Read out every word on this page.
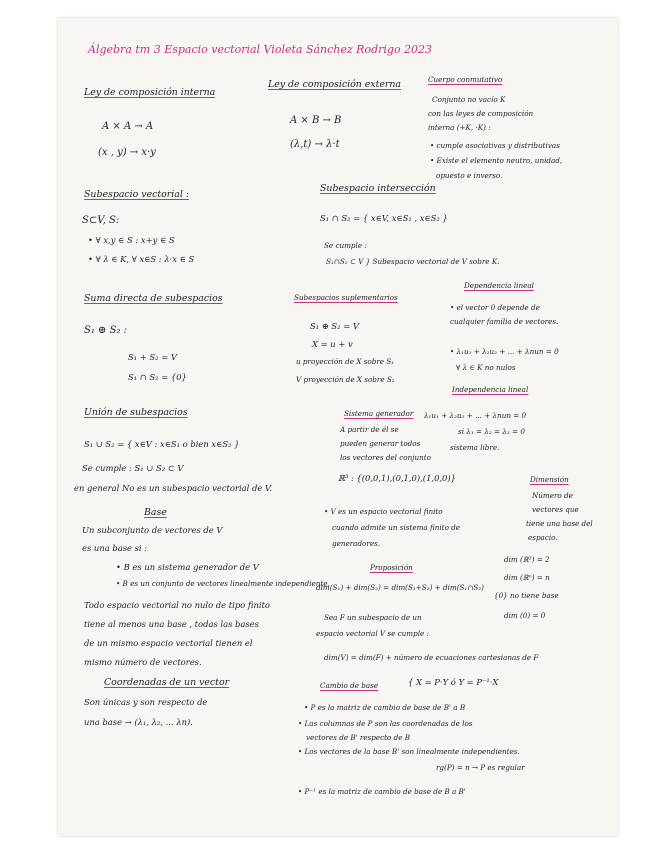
Álgebra tm 3 Espacio vectorial Violeta Sánchez Rodrigo 2023
Ley de composición interna
A × A → A
(x , y) → x·y
Subespacio vectorial :
S⊂V, S:
• ∀ x,y ∈ S : x+y ∈ S
• ∀ λ ∈ K, ∀ x∈S : λ·x ∈ S
Suma directa de subespacios
S₁ ⊕ S₂ :
S₁ + S₂ = V
S₁ ∩ S₂ = {0}
Unión de subespacios
S₁ ∪ S₂ = { x∈V : x∈S₁ o bien x∈S₂ }
Se cumple : S₁ ∪ S₂ ⊂ V
en general No es un subespacio vectorial de V.
Base
Un subconjunto de vectores de V
es una base si :
• B es un sistema generador de V
• B es un conjunto de vectores linealmente independiente.
Todo espacio vectorial no nulo de tipo finito
tiene al menos una base , todas las bases
de un mismo espacio vectorial tienen el
mismo número de vectores.
Coordenadas de un vector
Son únicas y son respecto de
una base → (λ₁, λ₂, ... λn).
Ley de composición externa
A × B → B
(λ,t) → λ·t
Subespacio intersección
S₁ ∩ S₂ = { x∈V, x∈S₁ , x∈S₂ }
Se cumple :
S₁∩S₂ ⊂ V } Subespacio vectorial de V sobre K.
Subespacios suplementarios
S₁ ⊕ S₂ = V
X = u + v
u proyección de X sobre S₁
V proyección de X sobre S₂
Sistema generador
A partir de él se
pueden generar todos
los vectores del conjunto
ℝ³ : {(0,0,1),(0,1,0),(1,0,0)}
• V es un espacio vectorial finito
cuando admite un sistema finito de
generadores.
Proposición
dim(S₁) + dim(S₂) = dim(S₁+S₂) + dim(S₁∩S₂)
Sea F un subespacio de un
espacio vectorial V se cumple :
dim(V) = dim(F) + número de ecuaciones cartesianas de F
Cambio de base	{ X = P·Y ó Y = P⁻¹·X
• P es la matriz de cambio de base de B' a B
• Las columnas de P son las coordenadas de los
vectores de B' respecto de B
• Los vectores de la base B' son linealmente independientes.
rg(P) = n → P es regular
• P⁻¹ es la matriz de cambio de base de B a B'
Cuerpo conmutativo
Conjunto no vacío K
con las leyes de composición
interna (+K, ·K) :
• cumple asociativas y distributivas
• Existe el elemento neutro, unidad,
opuesto e inverso.
Dependencia lineal
• el vector 0 depende de
cualquier familia de vectores.
• λ₁u₁ + λ₂u₂ + ... + λnun = 0
∀ λ ∈ K no nulos
Independencia lineal
λ₁u₁ + λ₂u₂ + ... + λnun = 0
si λ₁ = λ₂ = λ₃ = 0
sistema libre.
Dimensión
Número de
vectores que
tiene una base del
espacio.
dim (ℝ²) = 2
dim (ℝⁿ) = n
{0} no tiene base
dim (0) = 0
